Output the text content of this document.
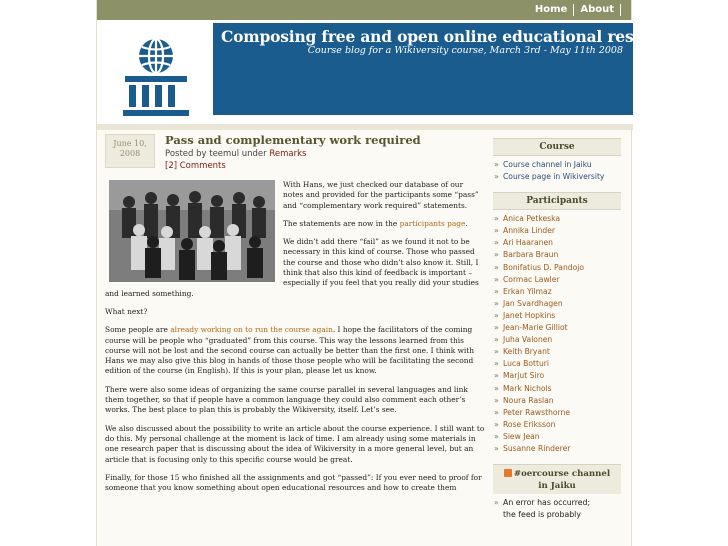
Home	About
Composing free and open online educational resources
Course blog for a Wikiversity course, March 3rd - May 11th 2008
June 10,
2008
Pass and complementary work required
Posted by teemul under Remarks
[2] Comments

With Hans, we just checked our database of our notes and provided for the participants some “pass” and “complementary work required” statements.

The statements are now in the participants page.

We didn’t add there “fail” as we found it not to be necessary in this kind of course. Those who passed the course and those who didn’t also know it. Still, I think that also this kind of feedback is important – especially if you feel that you really did your studies and learned something.

What next?

Some people are already working on to run the course again. I hope the facilitators of the coming course will be people who “graduated” from this course. This way the lessons learned from this course will not be lost and the second course can actually be better than the first one. I think with Hans we may also give this blog in hands of those those people who will be facilitating the second edition of the course (in English). If this is your plan, please let us know.

There were also some ideas of organizing the same course parallel in several languages and link them together, so that if people have a common language they could also comment each other’s works. The best place to plan this is probably the Wikiversity, itself. Let’s see.

We also discussed about the possibility to write an article about the course experience. I still want to do this. My personal challenge at the moment is lack of time. I am already using some materials in one research paper that is discussing about the idea of Wikiversity in a more general level, but an article that is focusing only to this specific course would be great.

Finally, for those 15 who finished all the assignments and got “passed”: If you ever need to proof for someone that you know something about open educational resources and how to create them

Course
» Course channel in Jaiku
» Course page in Wikiversity
Participants
» Anica Petkeska
» Annika Linder
» Ari Haaranen
» Barbara Braun
» Bonifatius D. Pandojo
» Cormac Lawler
» Erkan Yilmaz
» Jan Svardhagen
» Janet Hopkins
» Jean-Marie Gilliot
» Juha Valonen
» Keith Bryant
» Luca Botturi
» Marjut Siro
» Mark Nichols
» Noura Raslan
» Peter Rawsthorne
» Rose Eriksson
» Siew Jean
» Susanne Rinderer
#oercourse channel
in Jaiku
» An error has occurred;
the feed is probably
